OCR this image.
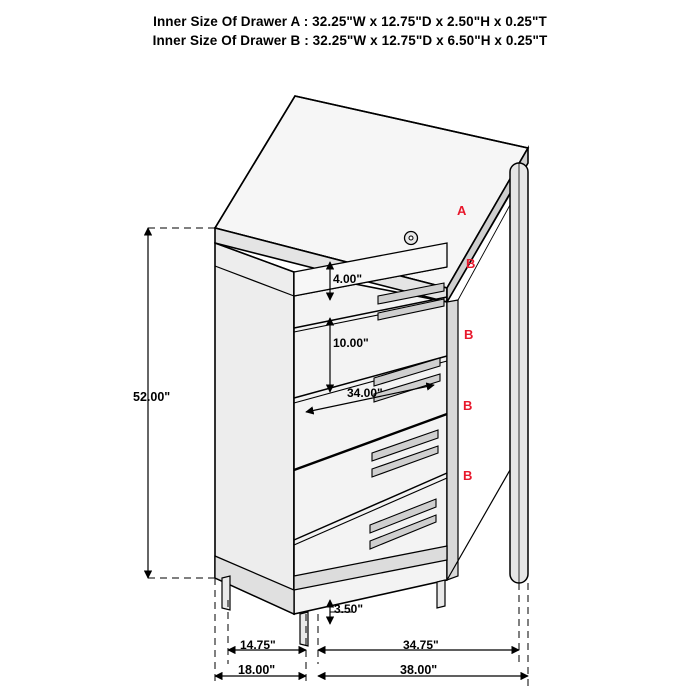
Inner Size Of Drawer A : 32.25"W x 12.75"D x 2.50"H x 0.25"T
Inner Size Of Drawer B : 32.25"W x 12.75"D x 6.50"H x 0.25"T
52.00"
4.00"
10.00"
34.00"
3.50"
14.75"	34.75"
18.00"	38.00"
A
B
B
B
B
